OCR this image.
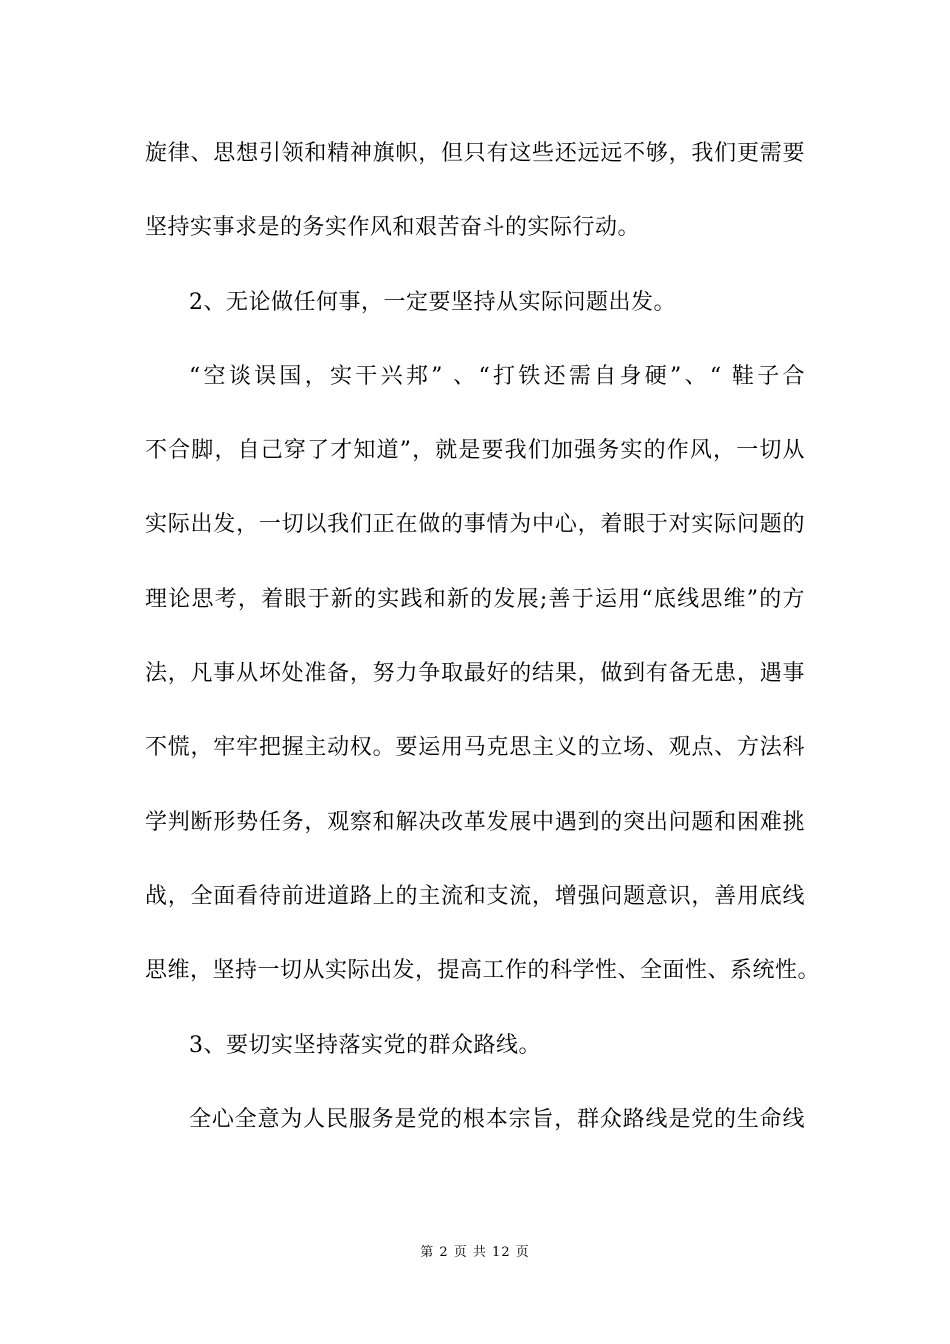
旋律、思想引领和精神旗帜，但只有这些还远远不够，我们更需要
坚持实事求是的务实作风和艰苦奋斗的实际行动。
2、无论做任何事，一定要坚持从实际问题出发。
“空谈误国，实干兴邦” 、“打铁还需自身硬”、“ 鞋子合
不合脚，自己穿了才知道”，就是要我们加强务实的作风，一切从
实际出发，一切以我们正在做的事情为中心，着眼于对实际问题的
理论思考，着眼于新的实践和新的发展;善于运用“底线思维”的方
法，凡事从坏处准备，努力争取最好的结果，做到有备无患，遇事
不慌，牢牢把握主动权。要运用马克思主义的立场、观点、方法科
学判断形势任务，观察和解决改革发展中遇到的突出问题和困难挑
战，全面看待前进道路上的主流和支流，增强问题意识，善用底线
思维，坚持一切从实际出发，提高工作的科学性、全面性、系统性。
3、要切实坚持落实党的群众路线。
全心全意为人民服务是党的根本宗旨，群众路线是党的生命线
第 2 页 共 12 页
